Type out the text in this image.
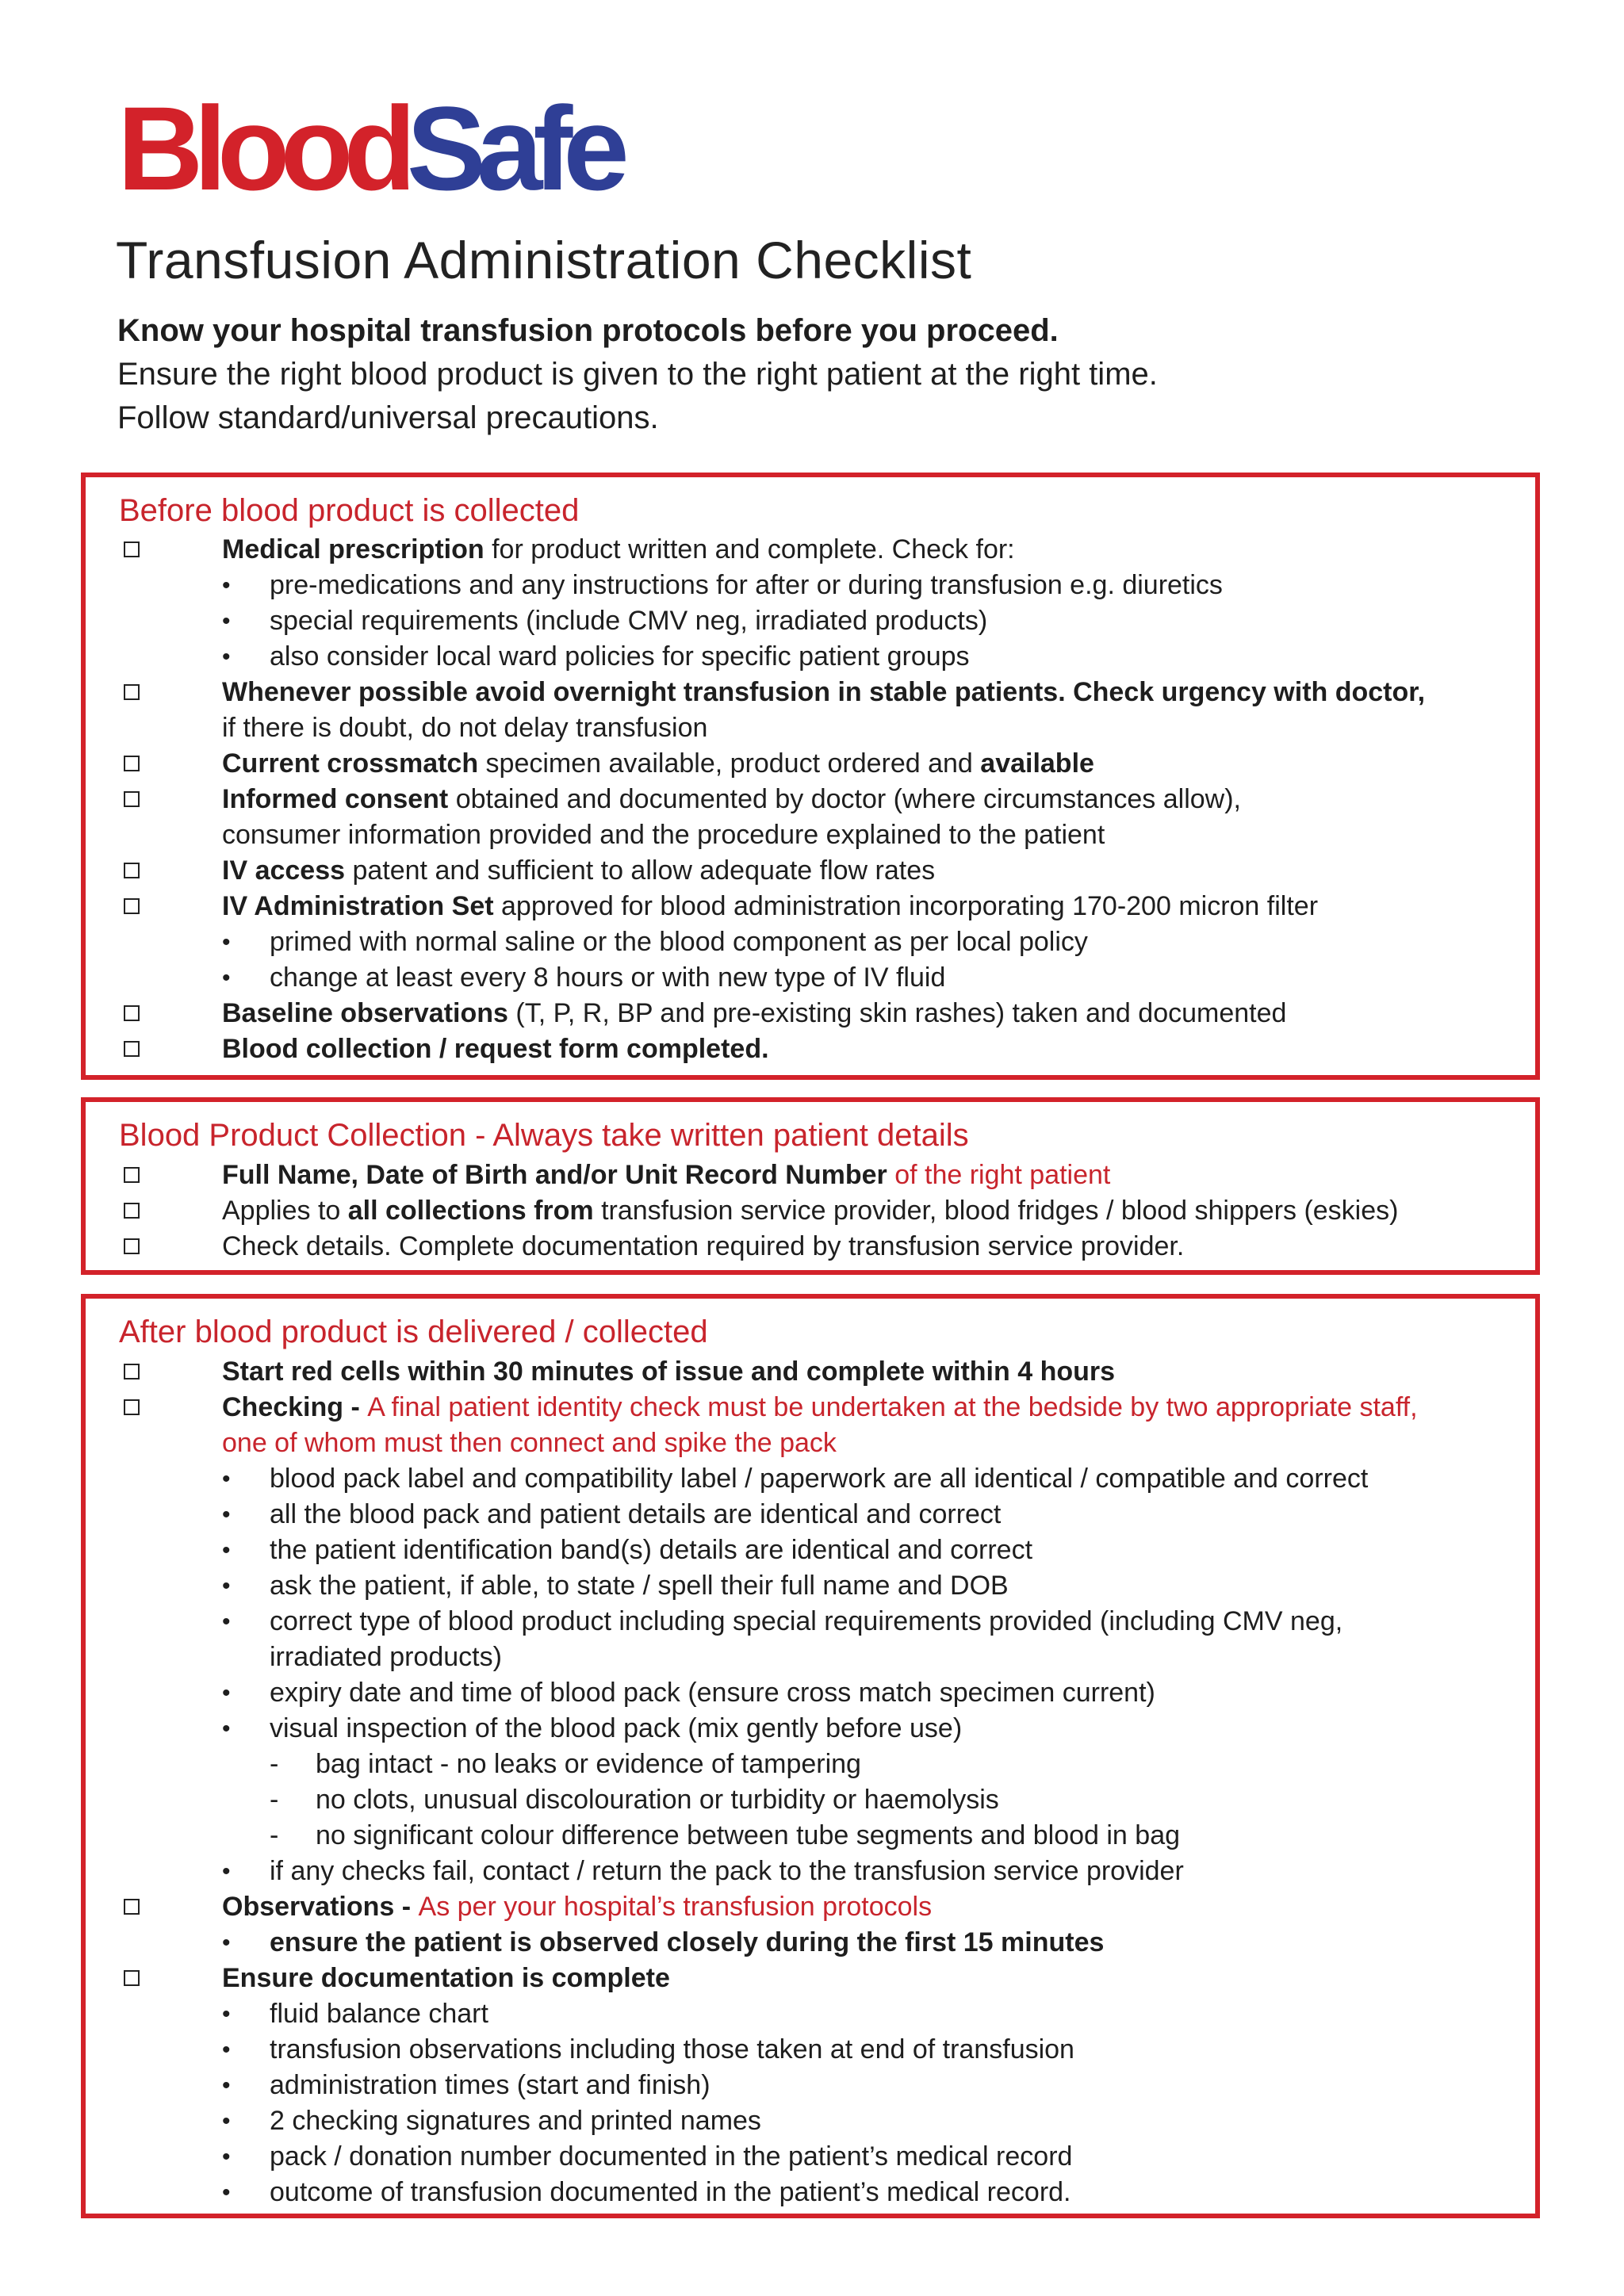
BloodSafe
Transfusion Administration Checklist
Know your hospital transfusion protocols before you proceed.
Ensure the right blood product is given to the right patient at the right time.
Follow standard/universal precautions.
Before blood product is collected
Medical prescription for product written and complete. Check for:
• pre-medications and any instructions for after or during transfusion e.g. diuretics
• special requirements (include CMV neg, irradiated products)
• also consider local ward policies for specific patient groups
Whenever possible avoid overnight transfusion in stable patients. Check urgency with doctor,
if there is doubt, do not delay transfusion
Current crossmatch specimen available, product ordered and available
Informed consent obtained and documented by doctor (where circumstances allow),
consumer information provided and the procedure explained to the patient
IV access patent and sufficient to allow adequate flow rates
IV Administration Set approved for blood administration incorporating 170-200 micron filter
• primed with normal saline or the blood component as per local policy
• change at least every 8 hours or with new type of IV fluid
Baseline observations (T, P, R, BP and pre-existing skin rashes) taken and documented
Blood collection / request form completed.
Blood Product Collection - Always take written patient details
Full Name, Date of Birth and/or Unit Record Number of the right patient
Applies to all collections from transfusion service provider, blood fridges / blood shippers (eskies)
Check details. Complete documentation required by transfusion service provider.
After blood product is delivered / collected
Start red cells within 30 minutes of issue and complete within 4 hours
Checking - A final patient identity check must be undertaken at the bedside by two appropriate staff,
one of whom must then connect and spike the pack
• blood pack label and compatibility label / paperwork are all identical / compatible and correct
• all the blood pack and patient details are identical and correct
• the patient identification band(s) details are identical and correct
• ask the patient, if able, to state / spell their full name and DOB
• correct type of blood product including special requirements provided (including CMV neg,
irradiated products)
• expiry date and time of blood pack (ensure cross match specimen current)
• visual inspection of the blood pack (mix gently before use)
- bag intact - no leaks or evidence of tampering
- no clots, unusual discolouration or turbidity or haemolysis
- no significant colour difference between tube segments and blood in bag
• if any checks fail, contact / return the pack to the transfusion service provider
Observations - As per your hospital’s transfusion protocols
• ensure the patient is observed closely during the first 15 minutes
Ensure documentation is complete
• fluid balance chart
• transfusion observations including those taken at end of transfusion
• administration times (start and finish)
• 2 checking signatures and printed names
• pack / donation number documented in the patient’s medical record
• outcome of transfusion documented in the patient’s medical record.
